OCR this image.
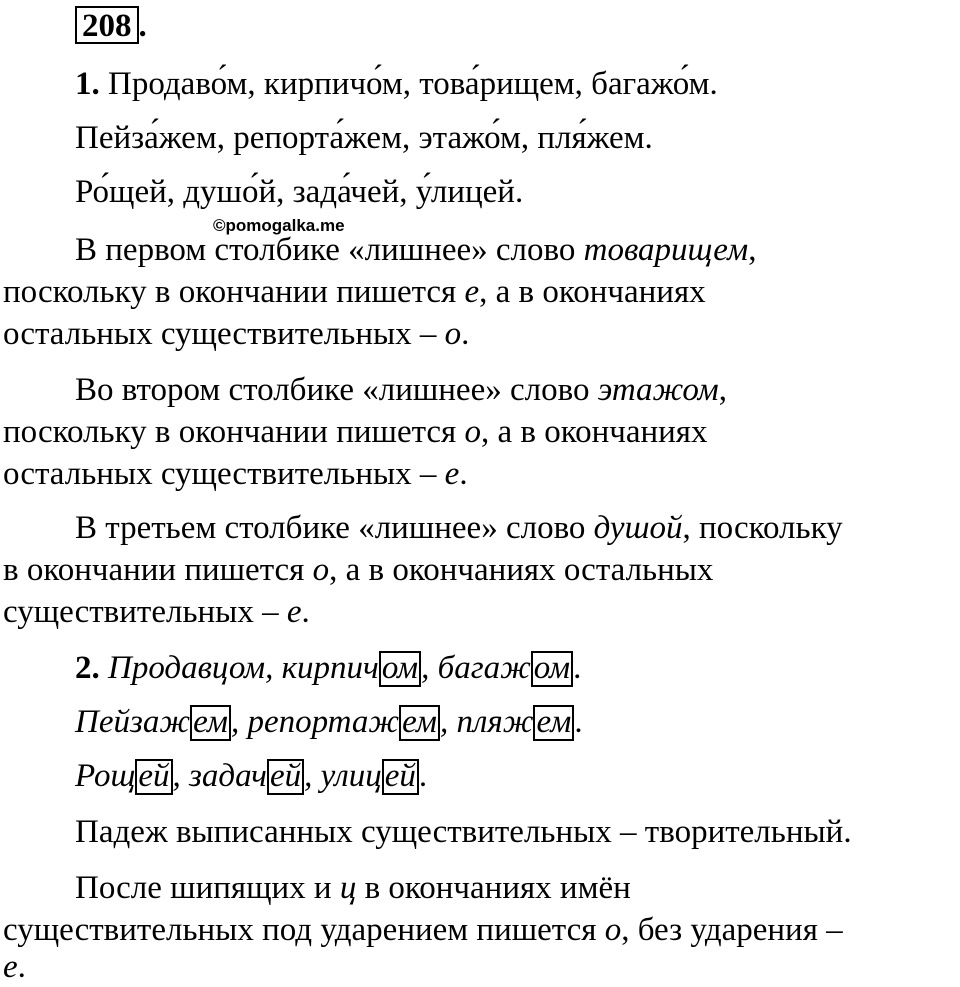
208 .
1. Продаво́м, кирпичо́м, това́рищем, багажо́м.
Пейза́жем, репорта́жем, этажо́м, пля́жем.
Ро́щей, душо́й, зада́чей, у́лицей.
©pomogalka.me
В первом столбике «лишнее» слово товарищем,
поскольку в окончании пишется е, а в окончаниях
остальных существительных – о.
Во втором столбике «лишнее» слово этажом,
поскольку в окончании пишется о, а в окончаниях
остальных существительных – е.
В третьем столбике «лишнее» слово душой, поскольку
в окончании пишется о, а в окончаниях остальных
существительных – е.
2. Продавцом, кирпичом, багажом.
Пейзажем, репортажем, пляжем.
Рощей, задачей, улицей.
Падеж выписанных существительных – творительный.
После шипящих и ц в окончаниях имён
существительных под ударением пишется о, без ударения –
е.
